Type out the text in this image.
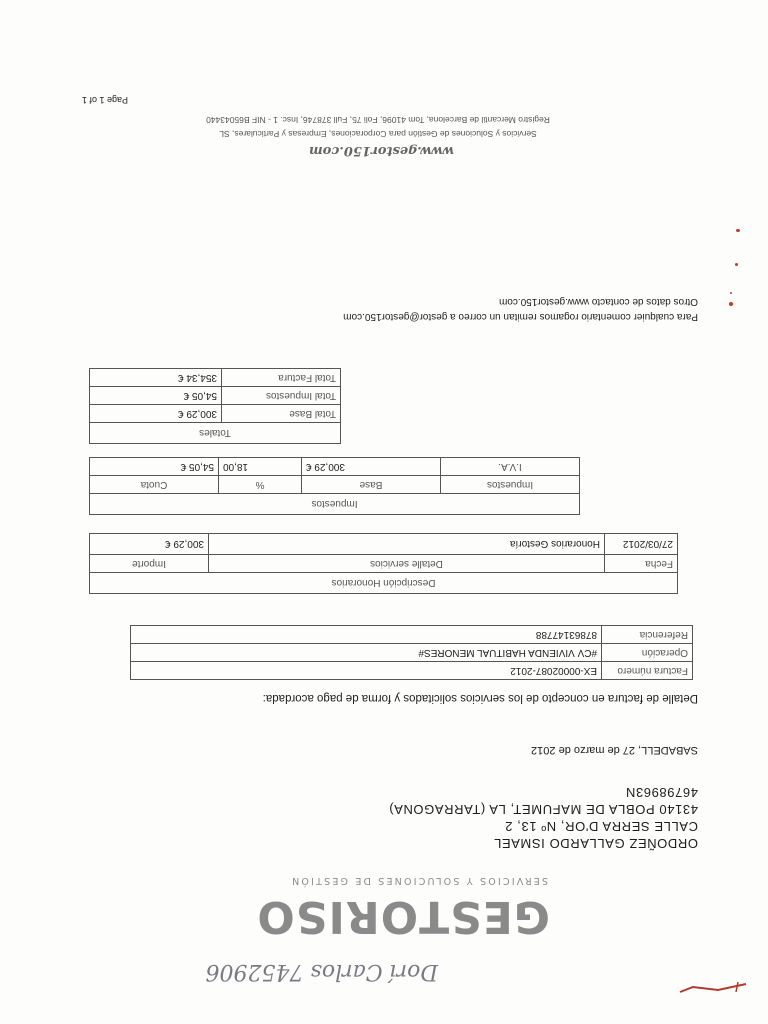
Dorí Carlos 7452906
GESTORISO
SERVICIOS Y SOLUCIONES DE GESTIÓN
ORDOÑEZ GALLARDO ISMAEL
CALLE SERRA D'OR, Nº 13, 2
43140 POBLA DE MAFUMET, LA (TARRAGONA)
46798963N
SABADELL, 27 de marzo de 2012
Detalle de factura en concepto de los servicios solicitados y forma de pago acordada:
Factura número	EX-00002087-2012
Operación	#CV VIVIENDA HABITUAL MENORES#
Referencia	87863147788
Descripción Honorarios		
Fecha	Detalle servicios	Importe
27/03/2012	Honorarios Gestoría	300,29 €
Impuestos			
Impuestos	Base	%	Cuota
I.V.A.	300,29 €	18,00	54,05 €
Totales	
Total Base	300,29 €
Total Impuestos	54,05 €
Total Factura	354,34 €
Para cualquier comentario rogamos remitan un correo a gestor@gestor150.com
Otros datos de contacto www.gestor150.com
www.gestor150.com
Servicios y Soluciones de Gestión para Corporaciones, Empresas y Particulares, SL
Registro Mercantil de Barcelona, Tom 41096, Foli 75, Full 378746, Insc. 1 - NIF B65043440
Page 1 of 1
